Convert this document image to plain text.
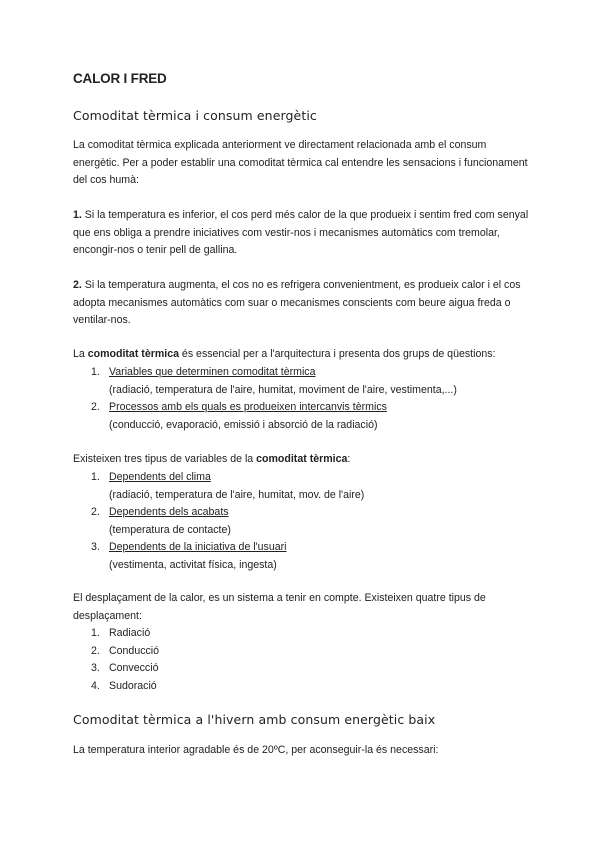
CALOR I FRED
Comoditat tèrmica i consum energètic
La comoditat tèrmica explicada anteriorment ve directament relacionada amb el consum energètic. Per a poder establir una comoditat tèrmica cal entendre les sensacions i funcionament del cos humà:
1. Si la temperatura es inferior, el cos perd més calor de la que produeix i sentim fred com senyal que ens obliga a prendre iniciatives com vestir-nos i mecanismes automàtics com tremolar, encongir-nos o tenir pell de gallina.
2. Si la temperatura augmenta, el cos no es refrigera convenientment, es produeix calor i el cos adopta mecanismes automàtics com suar o mecanismes conscients com beure aigua freda o ventilar-nos.
La comoditat tèrmica és essencial per a l'arquitectura i presenta dos grups de qüestions:
1. Variables que determinen comoditat tèrmica
(radiació, temperatura de l'aire, humitat, moviment de l'aire, vestimenta,...)
2. Processos amb els quals es produeixen intercanvis tèrmics
(conducció, evaporació, emissió i absorció de la radiació)
Existeixen tres tipus de variables de la comoditat tèrmica:
1. Dependents del clima
(radiació, temperatura de l'aire, humitat, mov. de l'aire)
2. Dependents dels acabats
(temperatura de contacte)
3. Dependents de la iniciativa de l'usuari
(vestimenta, activitat física, ingesta)
El desplaçament de la calor, es un sistema a tenir en compte. Existeixen quatre tipus de desplaçament:
1. Radiació
2. Conducció
3. Convecció
4. Sudoració
Comoditat tèrmica a l'hivern amb consum energètic baix
La temperatura interior agradable és de 20ºC, per aconseguir-la és necessari:
